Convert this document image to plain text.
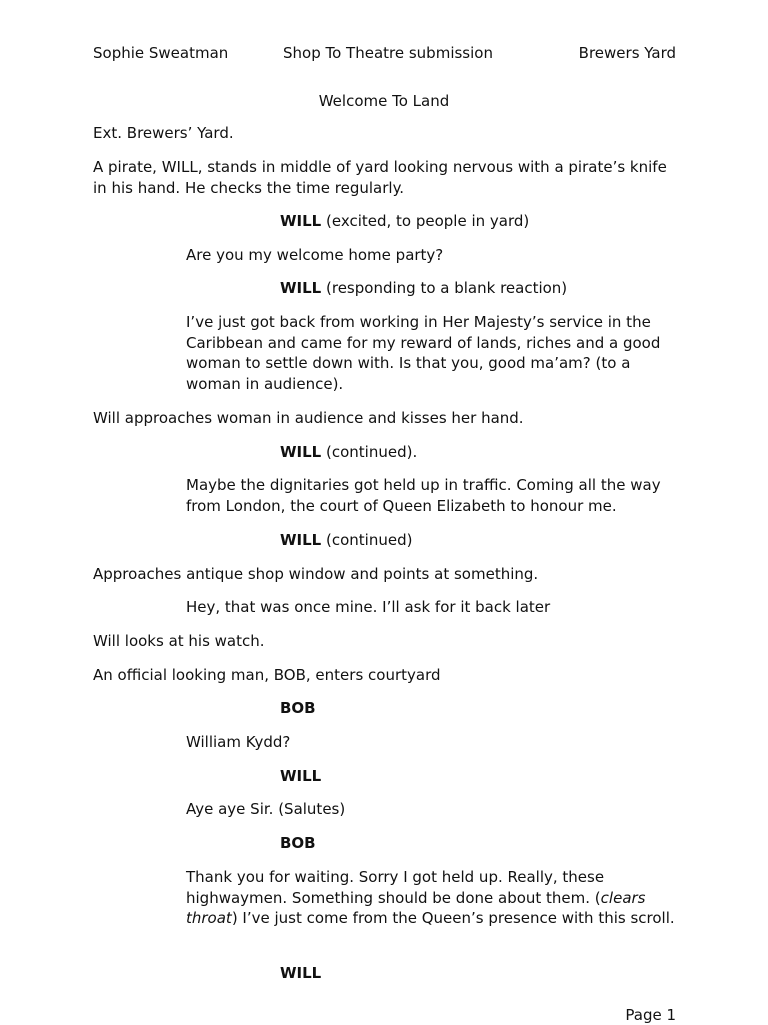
Sophie Sweatman	Shop To Theatre submission	Brewers Yard
Welcome To Land
Ext. Brewers’ Yard.
A pirate, WILL, stands in middle of yard looking nervous with a pirate’s knife in his hand. He checks the time regularly.
WILL (excited, to people in yard)
Are you my welcome home party?
WILL (responding to a blank reaction)
I’ve just got back from working in Her Majesty’s service in the Caribbean and came for my reward of lands, riches and a good woman to settle down with. Is that you, good ma’am? (to a woman in audience).
Will approaches woman in audience and kisses her hand.
WILL (continued).
Maybe the dignitaries got held up in traffic. Coming all the way from London, the court of Queen Elizabeth to honour me.
WILL (continued)
Approaches antique shop window and points at something.
Hey, that was once mine. I’ll ask for it back later
Will looks at his watch.
An official looking man, BOB, enters courtyard
BOB
William Kydd?
WILL
Aye aye Sir. (Salutes)
BOB
Thank you for waiting. Sorry I got held up. Really, these highwaymen. Something should be done about them. (clears throat) I’ve just come from the Queen’s presence with this scroll.
WILL
Page 1
